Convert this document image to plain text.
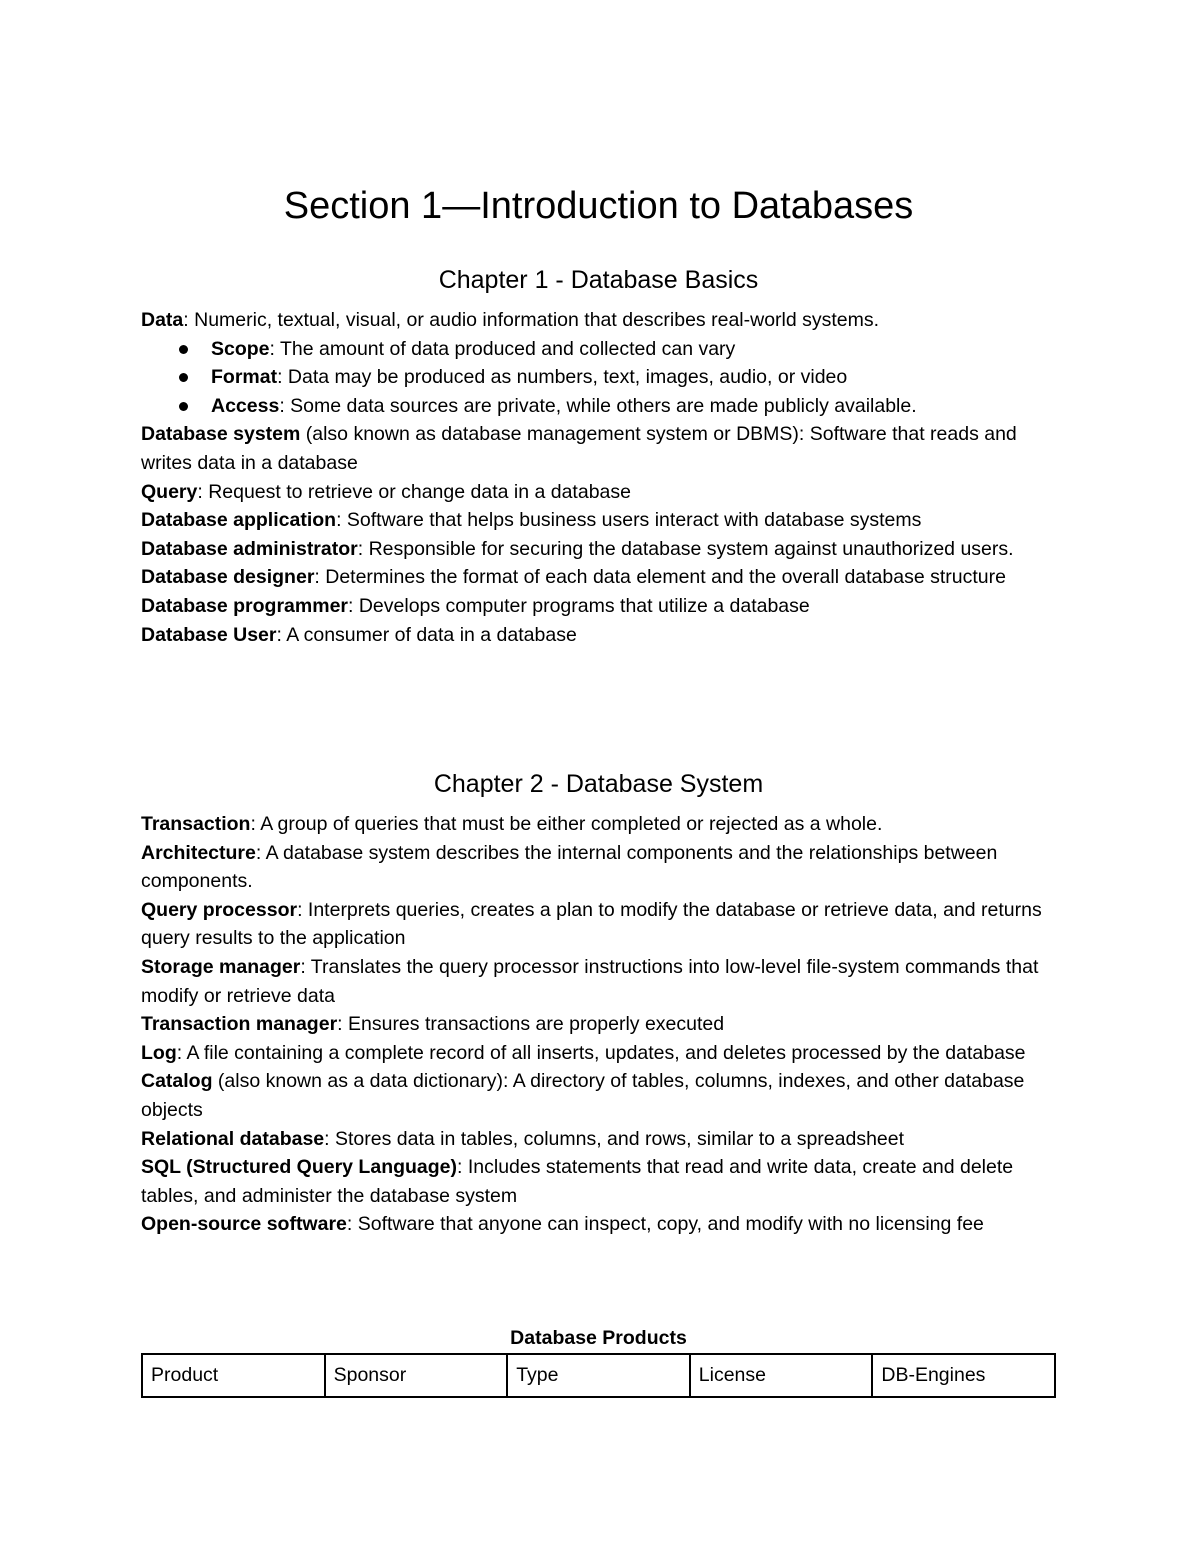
Section 1—Introduction to Databases
Chapter 1 - Database Basics

Data: Numeric, textual, visual, or audio information that describes real-world systems.

Scope: The amount of data produced and collected can vary
Format: Data may be produced as numbers, text, images, audio, or video
Access: Some data sources are private, while others are made publicly available.

Database system (also known as database management system or DBMS): Software that reads and writes data in a database

Query: Request to retrieve or change data in a database

Database application: Software that helps business users interact with database systems

Database administrator: Responsible for securing the database system against unauthorized users.

Database designer: Determines the format of each data element and the overall database structure

Database programmer: Develops computer programs that utilize a database

Database User: A consumer of data in a database

Chapter 2 - Database System

Transaction: A group of queries that must be either completed or rejected as a whole.

Architecture: A database system describes the internal components and the relationships between components.

Query processor: Interprets queries, creates a plan to modify the database or retrieve data, and returns query results to the application

Storage manager: Translates the query processor instructions into low-level file-system commands that modify or retrieve data

Transaction manager: Ensures transactions are properly executed

Log: A file containing a complete record of all inserts, updates, and deletes processed by the database

Catalog (also known as a data dictionary): A directory of tables, columns, indexes, and other database objects

Relational database: Stores data in tables, columns, and rows, similar to a spreadsheet

SQL (Structured Query Language): Includes statements that read and write data, create and delete tables, and administer the database system

Open-source software: Software that anyone can inspect, copy, and modify with no licensing fee

Database Products

Product	Sponsor	Type	License	DB-Engines
